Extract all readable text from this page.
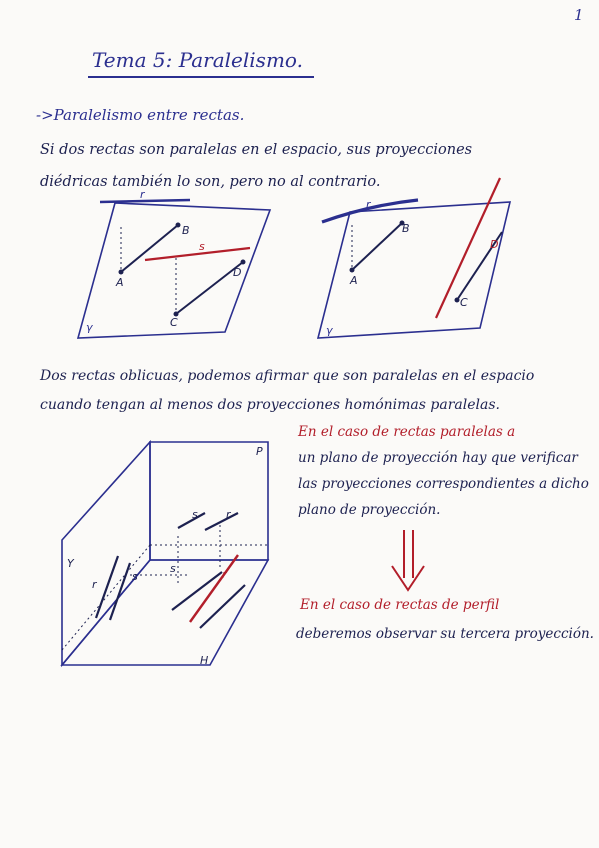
1
Tema 5: Paralelismo.
->Paralelismo entre rectas.
Si dos rectas son paralelas en el espacio, sus proyecciones
diédricas también lo son, pero no al contrario.
r
s
A
B
C
D
γ
r
B
A
D
C
γ
Dos rectas oblicuas, podemos afirmar que son paralelas en el espacio
cuando tengan al menos dos proyecciones homónimas paralelas.
En el caso de rectas paralelas a
un plano de proyección hay que verificar
las proyecciones correspondientes a dicho
plano de proyección.
P
Y
H
r
s
s	r
s	r
En el caso de rectas de perfil
deberemos observar su tercera proyección.
